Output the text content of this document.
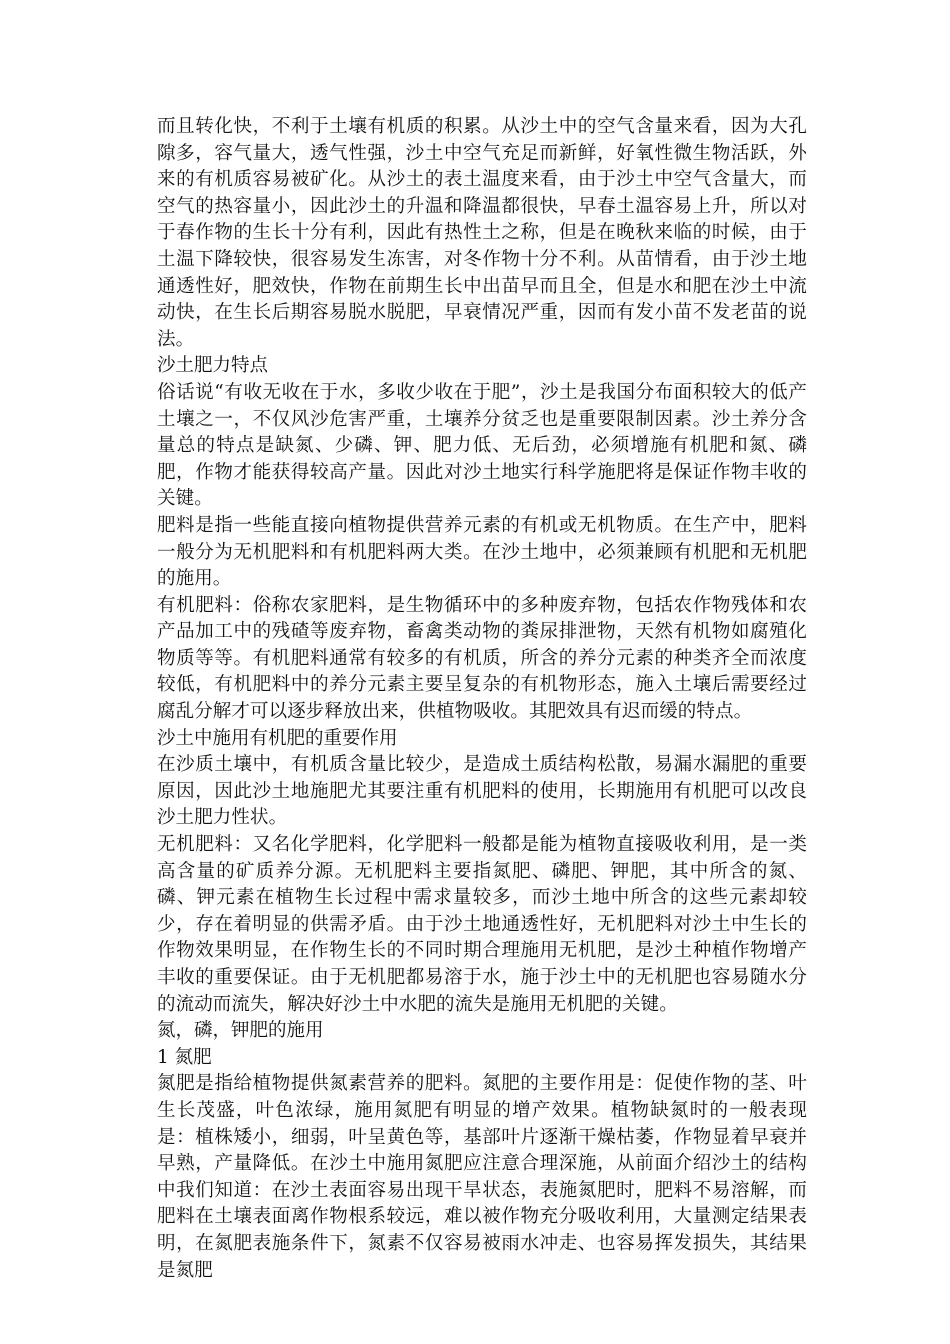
而且转化快，不利于土壤有机质的积累。从沙土中的空气含量来看，因为大孔隙多，容气量大，透气性强，沙土中空气充足而新鲜，好氧性微生物活跃，外来的有机质容易被矿化。从沙土的表土温度来看，由于沙土中空气含量大，而空气的热容量小，因此沙土的升温和降温都很快，早春土温容易上升，所以对于春作物的生长十分有利，因此有热性土之称，但是在晚秋来临的时候，由于土温下降较快，很容易发生冻害，对冬作物十分不利。从苗情看，由于沙土地通透性好，肥效快，作物在前期生长中出苗早而且全，但是水和肥在沙土中流动快，在生长后期容易脱水脱肥，早衰情况严重，因而有发小苗不发老苗的说法。

沙土肥力特点

俗话说“有收无收在于水，多收少收在于肥”，沙土是我国分布面积较大的低产土壤之一，不仅风沙危害严重，土壤养分贫乏也是重要限制因素。沙土养分含量总的特点是缺氮、少磷、钾、肥力低、无后劲，必须增施有机肥和氮、磷肥，作物才能获得较高产量。因此对沙土地实行科学施肥将是保证作物丰收的关键。

肥料是指一些能直接向植物提供营养元素的有机或无机物质。在生产中，肥料一般分为无机肥料和有机肥料两大类。在沙土地中，必须兼顾有机肥和无机肥的施用。

有机肥料：俗称农家肥料，是生物循环中的多种废弃物，包括农作物残体和农产品加工中的残碴等废弃物，畜禽类动物的粪尿排泄物，天然有机物如腐殖化物质等等。有机肥料通常有较多的有机质，所含的养分元素的种类齐全而浓度较低，有机肥料中的养分元素主要呈复杂的有机物形态，施入土壤后需要经过腐乱分解才可以逐步释放出来，供植物吸收。其肥效具有迟而缓的特点。

沙土中施用有机肥的重要作用

在沙质土壤中，有机质含量比较少，是造成土质结构松散，易漏水漏肥的重要原因，因此沙土地施肥尤其要注重有机肥料的使用，长期施用有机肥可以改良沙土肥力性状。

无机肥料：又名化学肥料，化学肥料一般都是能为植物直接吸收利用，是一类高含量的矿质养分源。无机肥料主要指氮肥、磷肥、钾肥，其中所含的氮、磷、钾元素在植物生长过程中需求量较多，而沙土地中所含的这些元素却较少，存在着明显的供需矛盾。由于沙土地通透性好，无机肥料对沙土中生长的作物效果明显，在作物生长的不同时期合理施用无机肥，是沙土种植作物增产丰收的重要保证。由于无机肥都易溶于水，施于沙土中的无机肥也容易随水分的流动而流失，解决好沙土中水肥的流失是施用无机肥的关键。

氮，磷，钾肥的施用

1 氮肥

氮肥是指给植物提供氮素营养的肥料。氮肥的主要作用是：促使作物的茎、叶生长茂盛，叶色浓绿，施用氮肥有明显的增产效果。植物缺氮时的一般表现是：植株矮小，细弱，叶呈黄色等，基部叶片逐渐干燥枯萎，作物显着早衰并早熟，产量降低。在沙土中施用氮肥应注意合理深施，从前面介绍沙土的结构中我们知道：在沙土表面容易出现干旱状态，表施氮肥时，肥料不易溶解，而肥料在土壤表面离作物根系较远，难以被作物充分吸收利用，大量测定结果表明，在氮肥表施条件下，氮素不仅容易被雨水冲走、也容易挥发损失，其结果是氮肥
